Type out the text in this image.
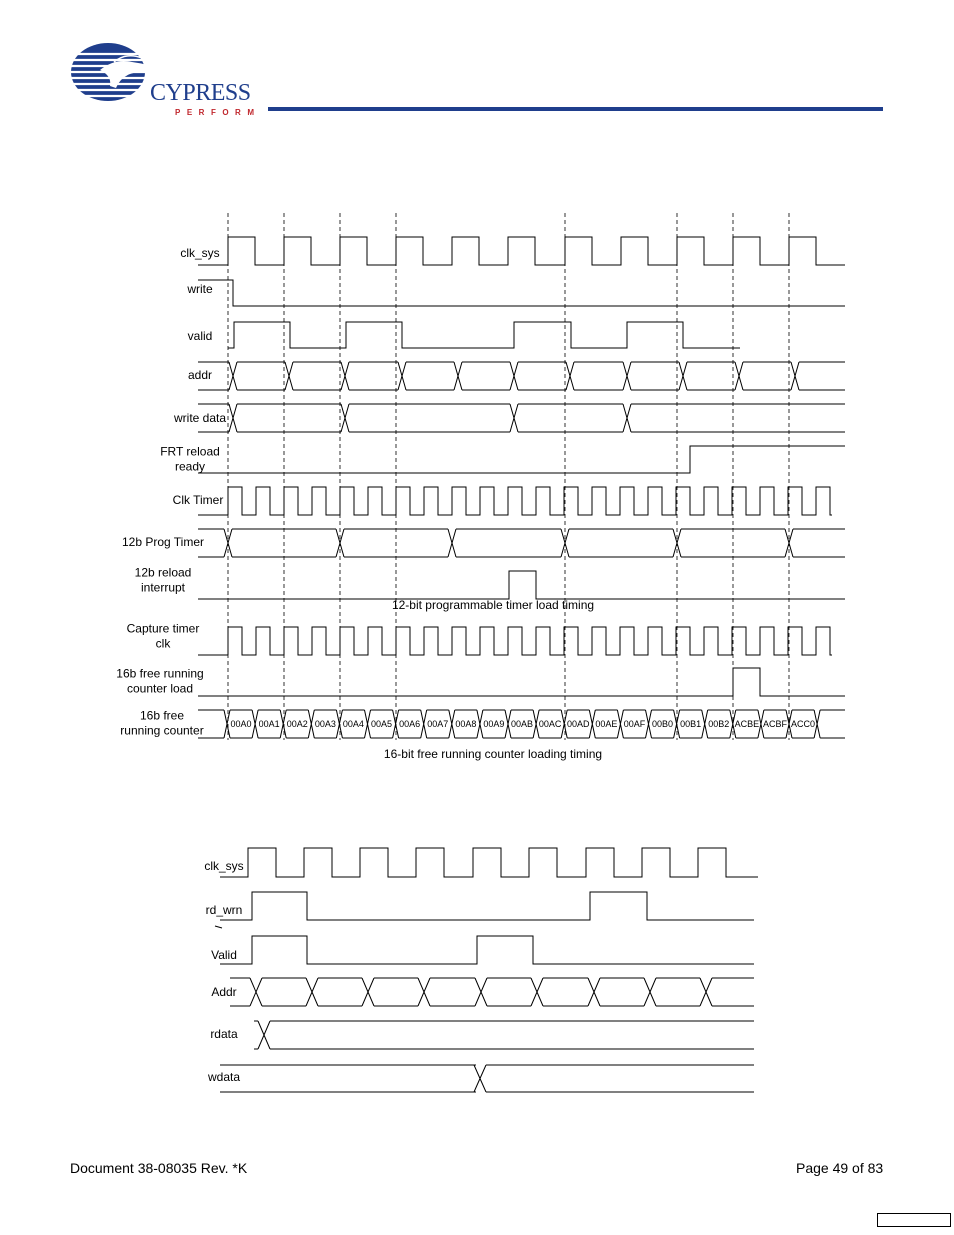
CYPRESS
PERFORM
clk_sys
write
valid
addr
write data
FRT reload
ready
Clk Timer
12b Prog Timer
12b reload
interrupt
Capture timer
clk
16b free running
counter load
16b free
running counter
12-bit programmable timer load timing
00A0 00A1 00A2 00A3 00A4 00A5 00A6 00A7 00A8 00A9 00AB 00AC 00AD 00AE 00AF 00B0 00B1 00B2 ACBE ACBF ACC0
16-bit free running counter loading timing
clk_sys
rd_wrn
Valid
Addr
rdata
wdata
Document 38-08035 Rev. *K	Page 49 of 83
